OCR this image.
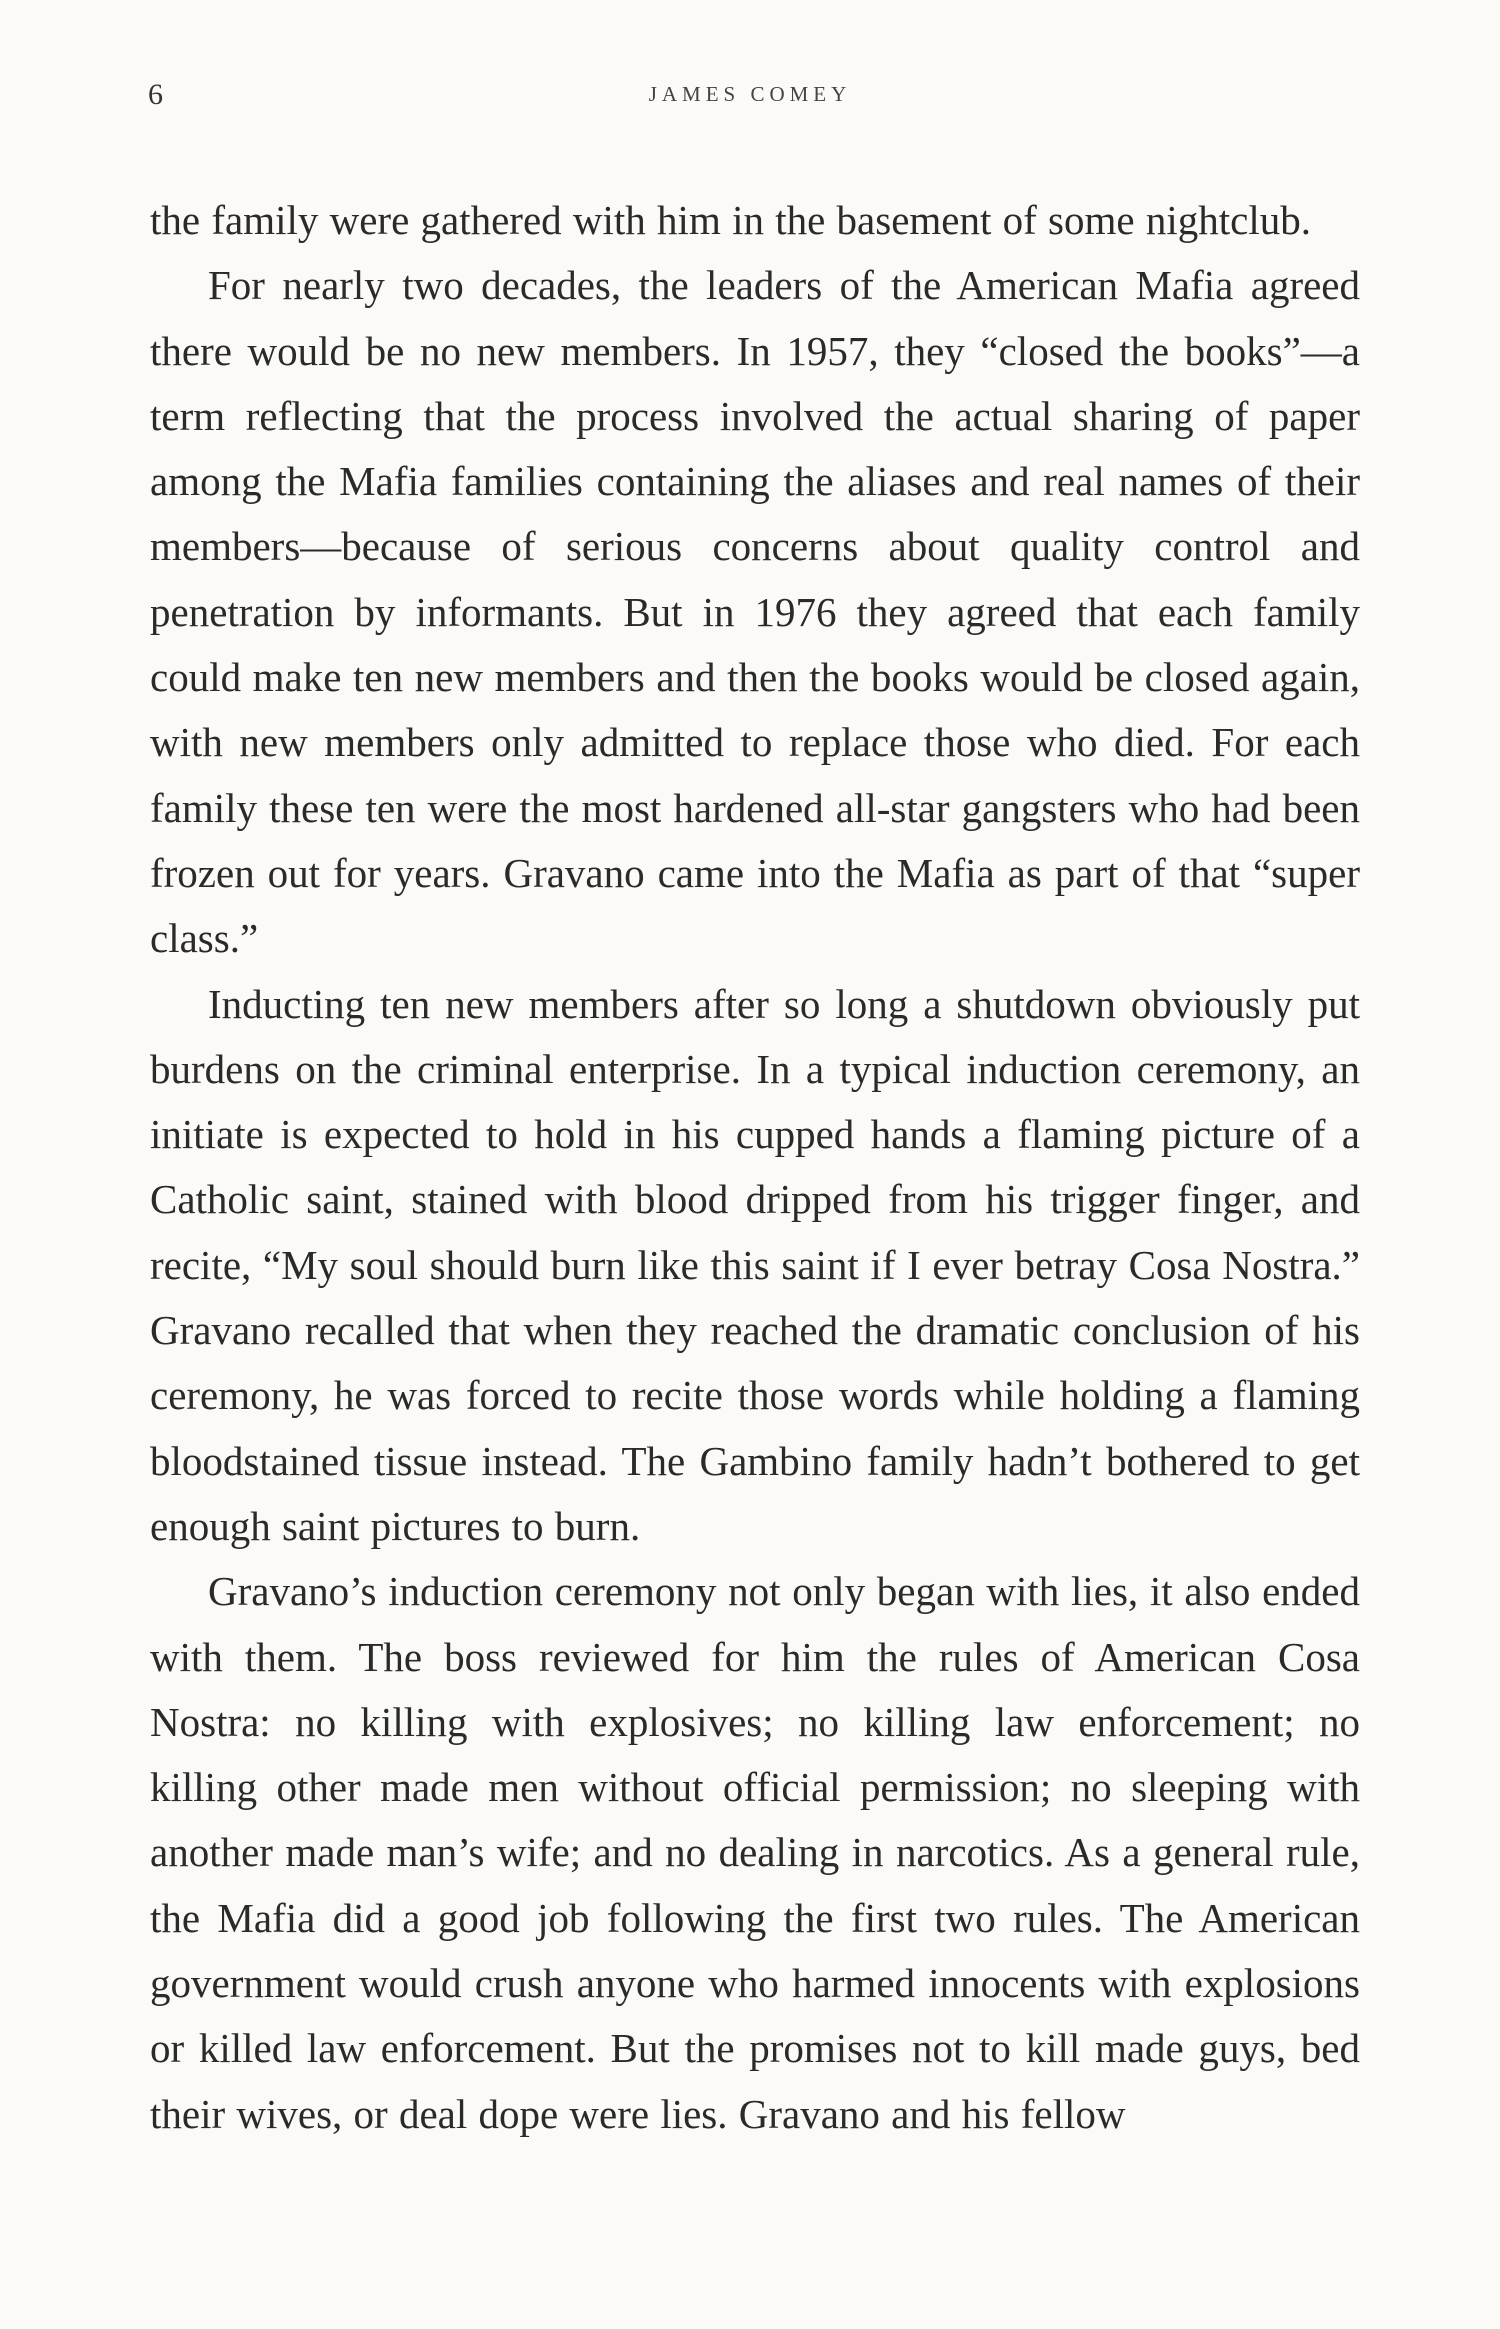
6	JAMES COMEY

the family were gathered with him in the basement of some nightclub.

For nearly two decades, the leaders of the American Mafia agreed there would be no new members. In 1957, they “closed the books”—a term reflecting that the process involved the actual sharing of paper among the Mafia families containing the aliases and real names of their members—because of serious concerns about quality control and penetration by informants. But in 1976 they agreed that each family could make ten new members and then the books would be closed again, with new members only admitted to replace those who died. For each family these ten were the most hardened all-star gangsters who had been frozen out for years. Gravano came into the Mafia as part of that “super class.”

Inducting ten new members after so long a shutdown obviously put burdens on the criminal enterprise. In a typical induction ceremony, an initiate is expected to hold in his cupped hands a flaming picture of a Catholic saint, stained with blood dripped from his trigger finger, and recite, “My soul should burn like this saint if I ever betray Cosa Nostra.” Gravano recalled that when they reached the dramatic conclusion of his ceremony, he was forced to recite those words while holding a flaming bloodstained tissue instead. The Gambino family hadn’t bothered to get enough saint pictures to burn.

Gravano’s induction ceremony not only began with lies, it also ended with them. The boss reviewed for him the rules of American Cosa Nostra: no killing with explosives; no killing law enforcement; no killing other made men without official permission; no sleeping with another made man’s wife; and no dealing in narcotics. As a general rule, the Mafia did a good job following the first two rules. The American government would crush anyone who harmed innocents with explosions or killed law enforcement. But the promises not to kill made guys, bed their wives, or deal dope were lies. Gravano and his fellow
